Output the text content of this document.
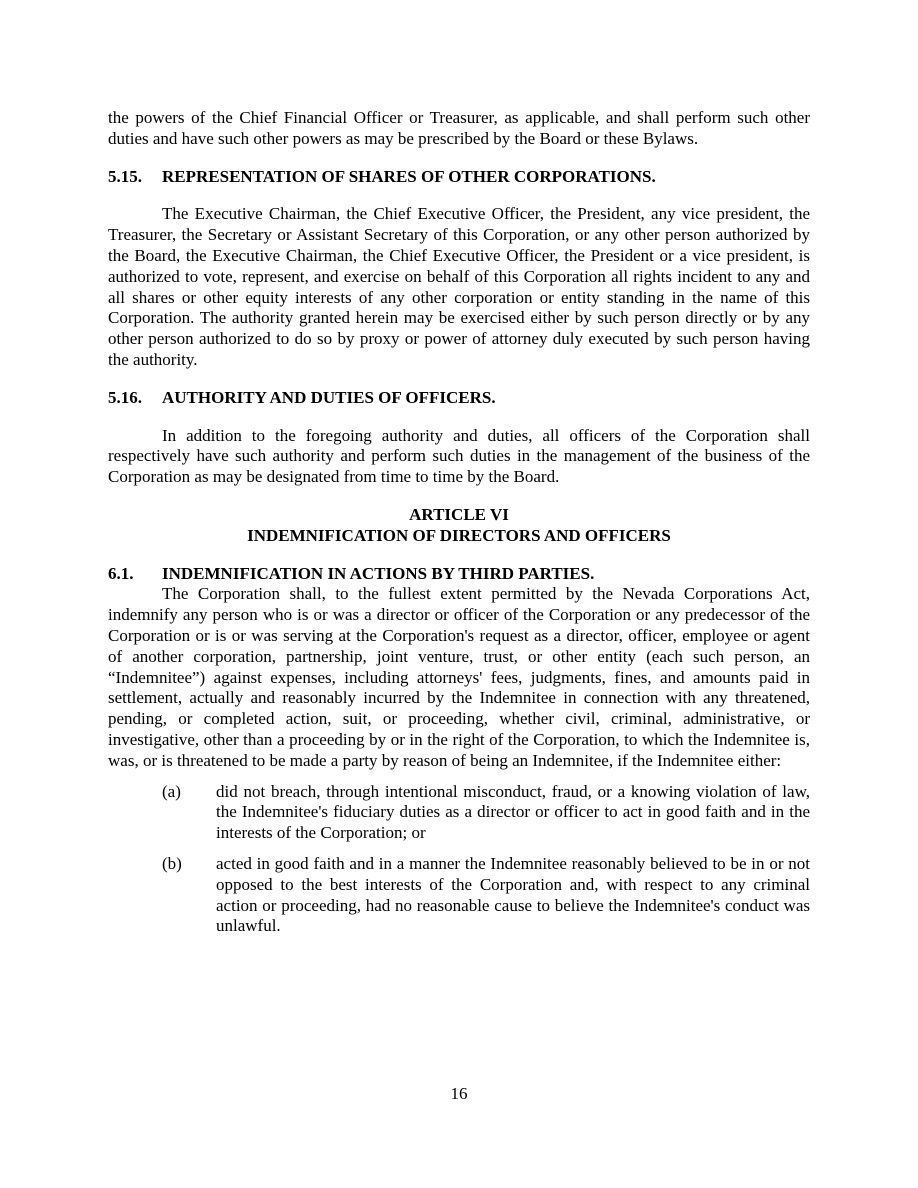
the powers of the Chief Financial Officer or Treasurer, as applicable, and shall perform such other duties and have such other powers as may be prescribed by the Board or these Bylaws.

5.15.	REPRESENTATION OF SHARES OF OTHER CORPORATIONS.

The Executive Chairman, the Chief Executive Officer, the President, any vice president, the Treasurer, the Secretary or Assistant Secretary of this Corporation, or any other person authorized by the Board, the Executive Chairman, the Chief Executive Officer, the President or a vice president, is authorized to vote, represent, and exercise on behalf of this Corporation all rights incident to any and all shares or other equity interests of any other corporation or entity standing in the name of this Corporation. The authority granted herein may be exercised either by such person directly or by any other person authorized to do so by proxy or power of attorney duly executed by such person having the authority.

5.16.	AUTHORITY AND DUTIES OF OFFICERS.

In addition to the foregoing authority and duties, all officers of the Corporation shall respectively have such authority and perform such duties in the management of the business of the Corporation as may be designated from time to time by the Board.

ARTICLE VI

INDEMNIFICATION OF DIRECTORS AND OFFICERS

6.1.	INDEMNIFICATION IN ACTIONS BY THIRD PARTIES.

The Corporation shall, to the fullest extent permitted by the Nevada Corporations Act, indemnify any person who is or was a director or officer of the Corporation or any predecessor of the Corporation or is or was serving at the Corporation's request as a director, officer, employee or agent of another corporation, partnership, joint venture, trust, or other entity (each such person, an “Indemnitee”) against expenses, including attorneys' fees, judgments, fines, and amounts paid in settlement, actually and reasonably incurred by the Indemnitee in connection with any threatened, pending, or completed action, suit, or proceeding, whether civil, criminal, administrative, or investigative, other than a proceeding by or in the right of the Corporation, to which the Indemnitee is, was, or is threatened to be made a party by reason of being an Indemnitee, if the Indemnitee either:

(a)	did not breach, through intentional misconduct, fraud, or a knowing violation of law, the Indemnitee's fiduciary duties as a director or officer to act in good faith and in the interests of the Corporation; or
(b)	acted in good faith and in a manner the Indemnitee reasonably believed to be in or not opposed to the best interests of the Corporation and, with respect to any criminal action or proceeding, had no reasonable cause to believe the Indemnitee's conduct was unlawful.
16
